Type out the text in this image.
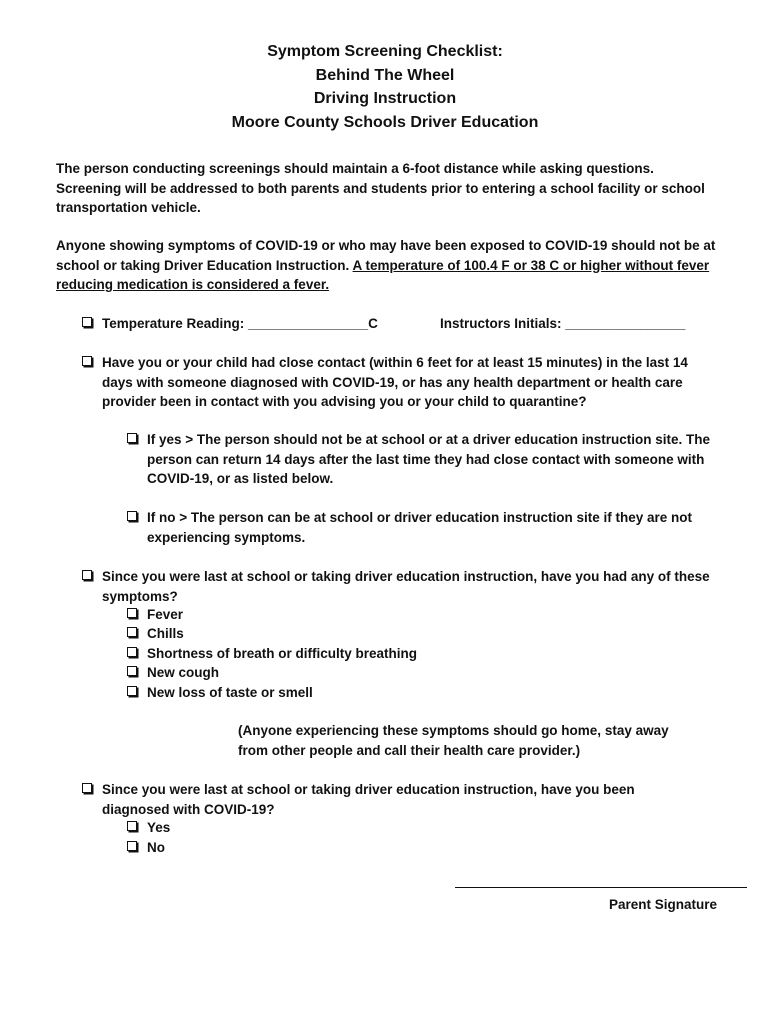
Symptom Screening Checklist:
Behind The Wheel
Driving Instruction
Moore County Schools Driver Education
The person conducting screenings should maintain a 6-foot distance while asking questions. Screening will be addressed to both parents and students prior to entering a school facility or school transportation vehicle.
Anyone showing symptoms of COVID-19 or who may have been exposed to COVID-19 should not be at school or taking Driver Education Instruction. A temperature of 100.4 F or 38 C or higher without fever reducing medication is considered a fever.
Temperature Reading: ________________C	Instructors Initials: ________________
Have you or your child had close contact (within 6 feet for at least 15 minutes) in the last 14 days with someone diagnosed with COVID-19, or has any health department or health care provider been in contact with you advising you or your child to quarantine?
If yes > The person should not be at school or at a driver education instruction site. The person can return 14 days after the last time they had close contact with someone with COVID-19, or as listed below.
If no > The person can be at school or driver education instruction site if they are not experiencing symptoms.
Since you were last at school or taking driver education instruction, have you had any of these symptoms?
Fever
Chills
Shortness of breath or difficulty breathing
New cough
New loss of taste or smell
(Anyone experiencing these symptoms should go home, stay away from other people and call their health care provider.)
Since you were last at school or taking driver education instruction, have you been diagnosed with COVID-19?
Yes
No
Parent Signature
